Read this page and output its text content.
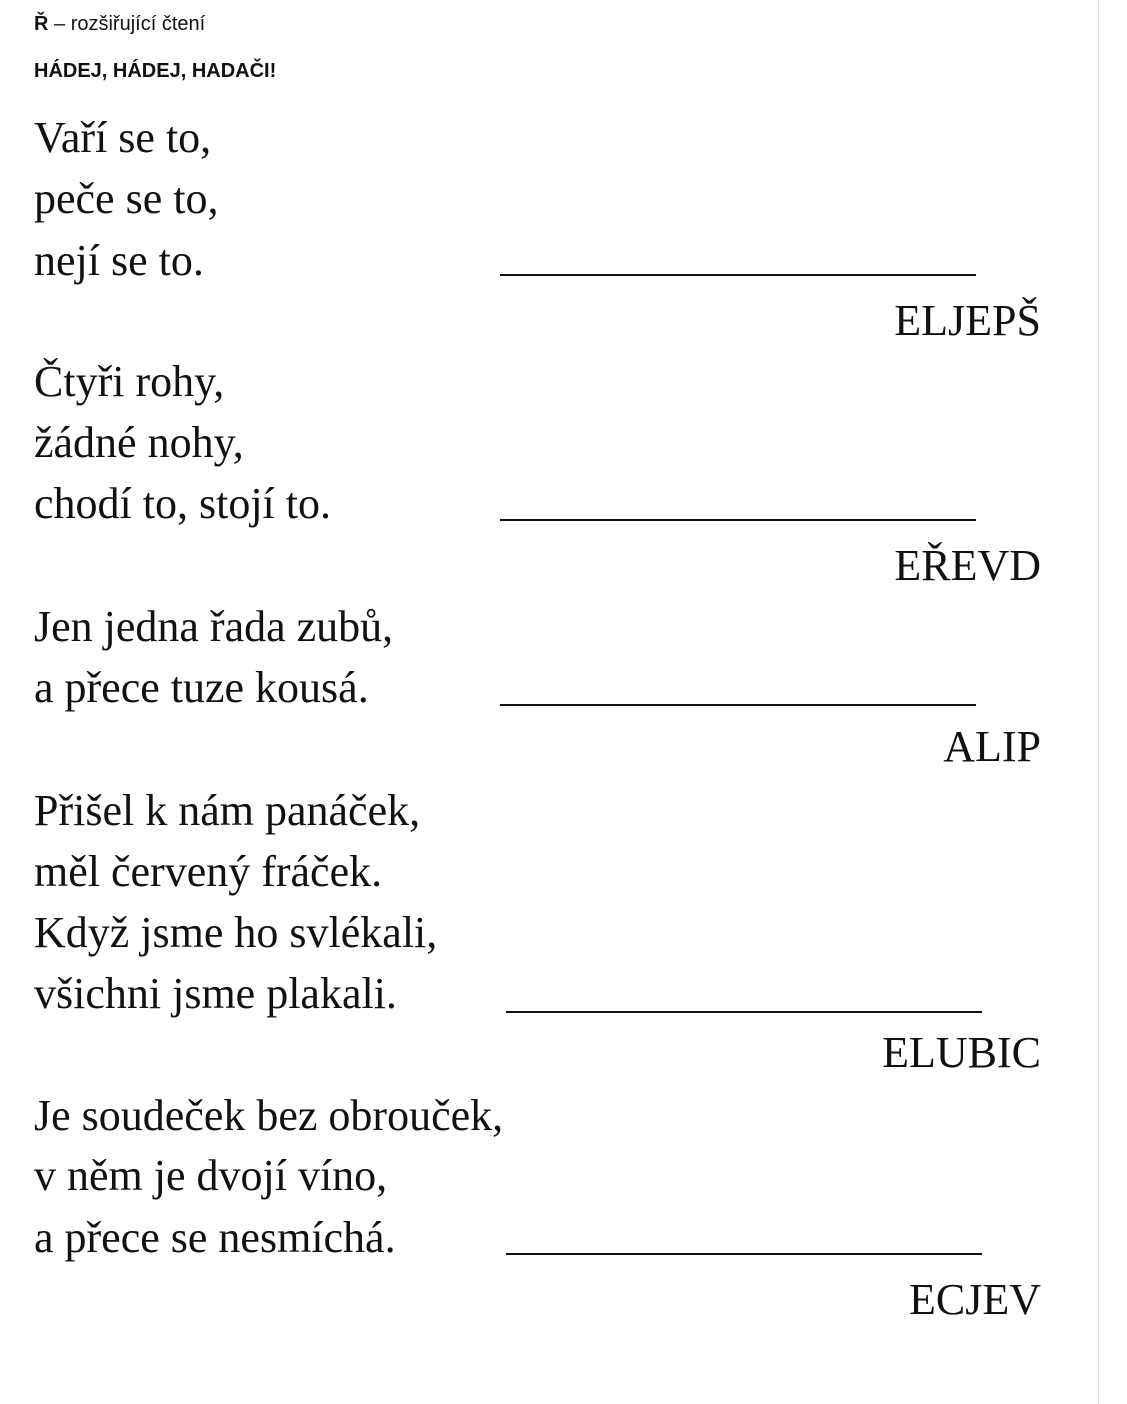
Ř – rozšiřující čtení
HÁDEJ, HÁDEJ, HADAČI!
Vaří se to,
peče se to,
nejí se to.
ELJEPŠ
Čtyři rohy,
žádné nohy,
chodí to, stojí to.
EŘEVD
Jen jedna řada zubů,
a přece tuze kousá.
ALIP
Přišel k nám panáček,
měl červený fráček.
Když jsme ho svlékali,
všichni jsme plakali.
ELUBIC
Je soudeček bez obrouček,
v něm je dvojí víno,
a přece se nesmíchá.
ECJEV
